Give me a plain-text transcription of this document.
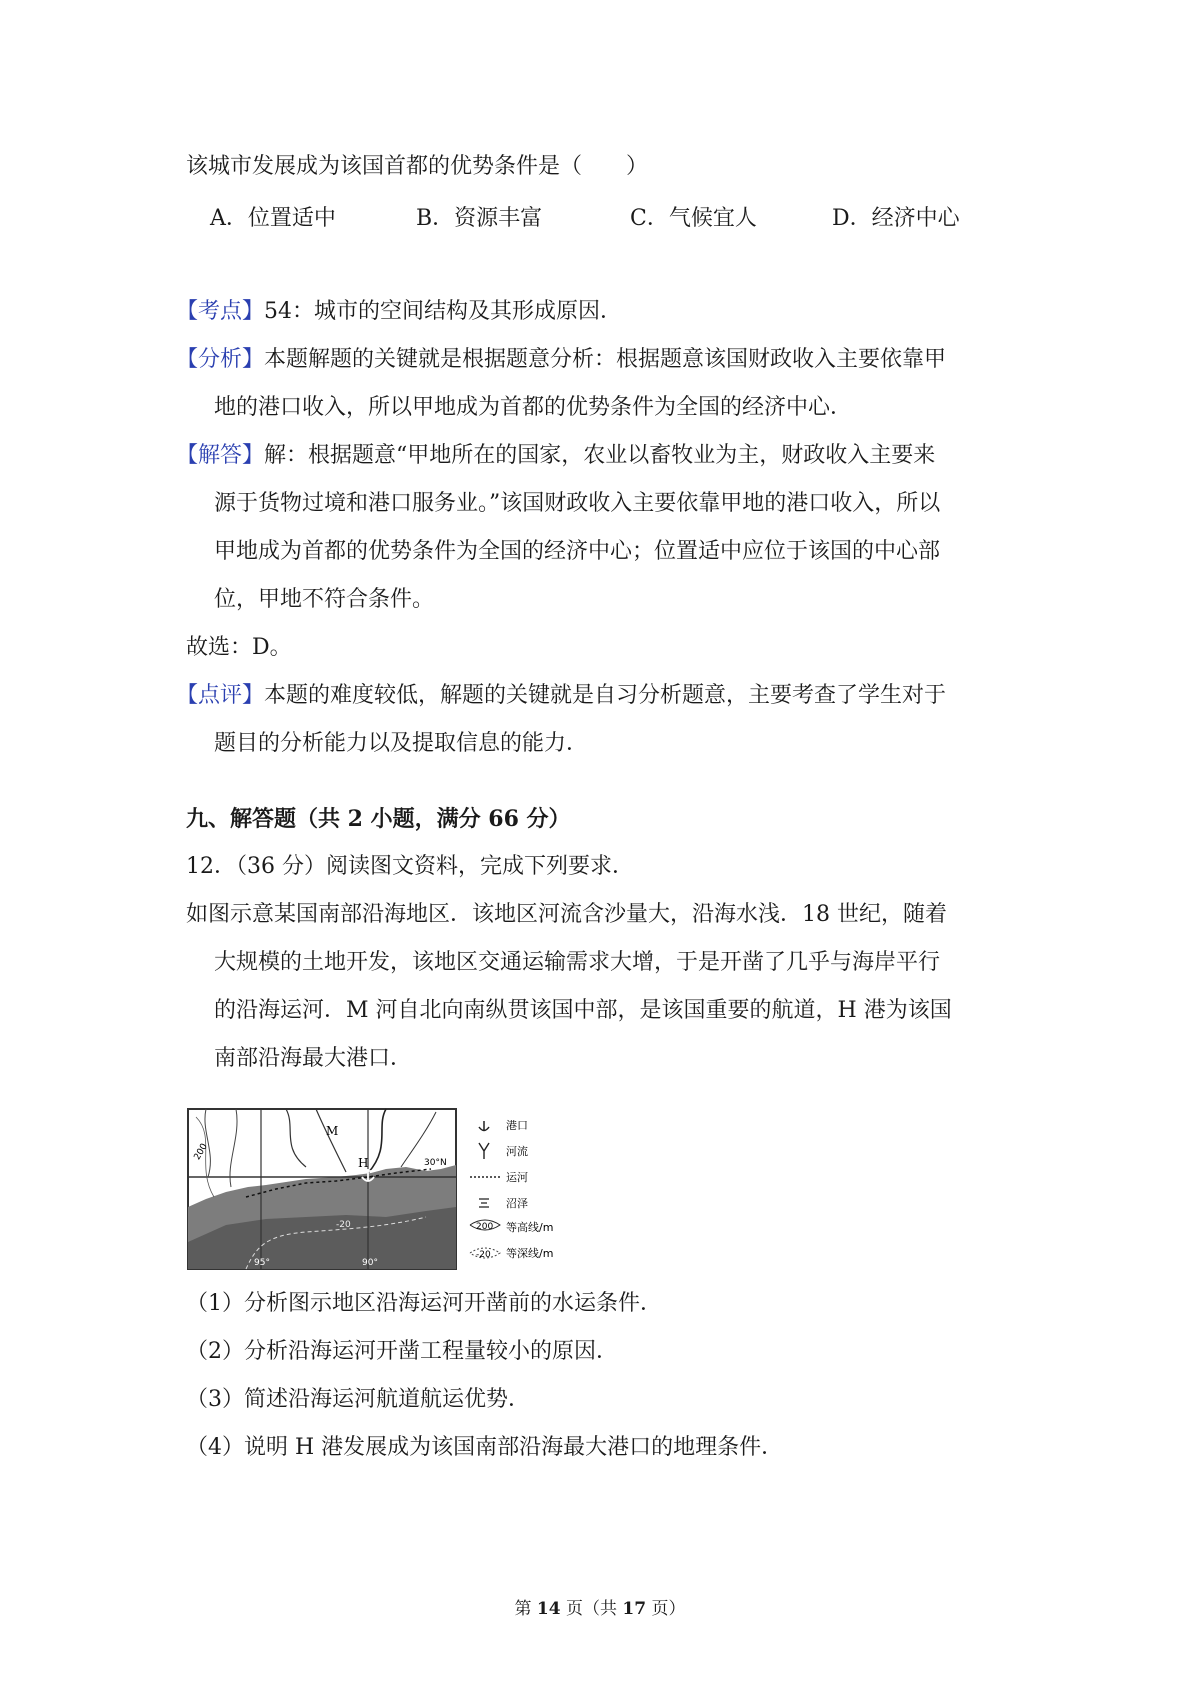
该城市发展成为该国首都的优势条件是（　　）
A．位置适中	B．资源丰富	C．气候宜人	D．经济中心
【考点】54：城市的空间结构及其形成原因．
【分析】本题解题的关键就是根据题意分析：根据题意该国财政收入主要依靠甲
地的港口收入，所以甲地成为首都的优势条件为全国的经济中心．
【解答】解：根据题意“甲地所在的国家，农业以畜牧业为主，财政收入主要来
源于货物过境和港口服务业。”该国财政收入主要依靠甲地的港口收入，所以
甲地成为首都的优势条件为全国的经济中心；位置适中应位于该国的中心部
位，甲地不符合条件。
故选：D。
【点评】本题的难度较低，解题的关键就是自习分析题意，主要考查了学生对于
题目的分析能力以及提取信息的能力．
九、解答题（共 2 小题，满分 66 分）
12．（36 分）阅读图文资料，完成下列要求．
如图示意某国南部沿海地区．该地区河流含沙量大，沿海水浅．18 世纪，随着
大规模的土地开发，该地区交通运输需求大增，于是开凿了几乎与海岸平行
的沿海运河．M 河自北向南纵贯该国中部，是该国重要的航道，H 港为该国
南部沿海最大港口．
M
H	30°N
95°	90°
200
-20
港口
河流
运河
沼泽
200 等高线/m
-20 等深线/m
（1）分析图示地区沿海运河开凿前的水运条件．
（2）分析沿海运河开凿工程量较小的原因．
（3）简述沿海运河航道航运优势．
（4）说明 H 港发展成为该国南部沿海最大港口的地理条件．
第 14 页（共 17 页）
